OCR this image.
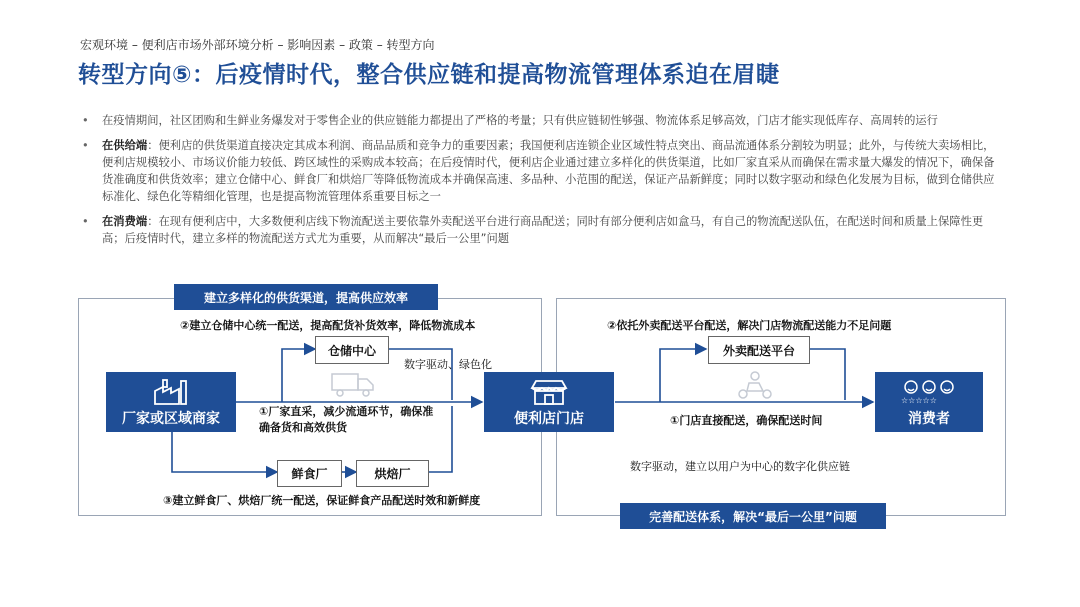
宏观环境 – 便利店市场外部环境分析 – 影响因素 – 政策 – 转型方向
转型方向⑤：后疫情时代，整合供应链和提高物流管理体系迫在眉睫
• 在疫情期间，社区团购和生鲜业务爆发对于零售企业的供应链能力都提出了严格的考量；只有供应链韧性够强、物流体系足够高效，门店才能实现低库存、高周转的运行
• 在供给端：便利店的供货渠道直接决定其成本利润、商品品质和竞争力的重要因素；我国便利店连锁企业区域性特点突出、商品流通体系分割较为明显；此外，与传统大卖场相比，便利店规模较小、市场议价能力较低、跨区域性的采购成本较高；在后疫情时代，便利店企业通过建立多样化的供货渠道，比如厂家直采从而确保在需求量大爆发的情况下，确保备货准确度和供货效率；建立仓储中心、鲜食厂和烘焙厂等降低物流成本并确保高速、多品种、小范围的配送，保证产品新鲜度；同时以数字驱动和绿色化发展为目标，做到仓储供应标准化、绿色化等精细化管理，也是提高物流管理体系重要目标之一
• 在消费端：在现有便利店中，大多数便利店线下物流配送主要依靠外卖配送平台进行商品配送；同时有部分便利店如盒马，有自己的物流配送队伍，在配送时间和质量上保障性更高；后疫情时代，建立多样的物流配送方式尤为重要，从而解决“最后一公里”问题
建立多样化的供货渠道，提高供应效率
完善配送体系，解决“最后一公里”问题
②建立仓储中心统一配送，提高配货补货效率，降低物流成本
数字驱动、绿色化
①厂家直采，减少流通环节，确保准确备货和高效供货
③建立鲜食厂、烘焙厂统一配送，保证鲜食产品配送时效和新鲜度
②依托外卖配送平台配送，解决门店物流配送能力不足问题
①门店直接配送，确保配送时间
数字驱动，建立以用户为中心的数字化供应链
厂家或区域商家
仓储中心
鲜食厂	烘焙厂
便利店门店
外卖配送平台
☆☆☆☆☆
消费者
